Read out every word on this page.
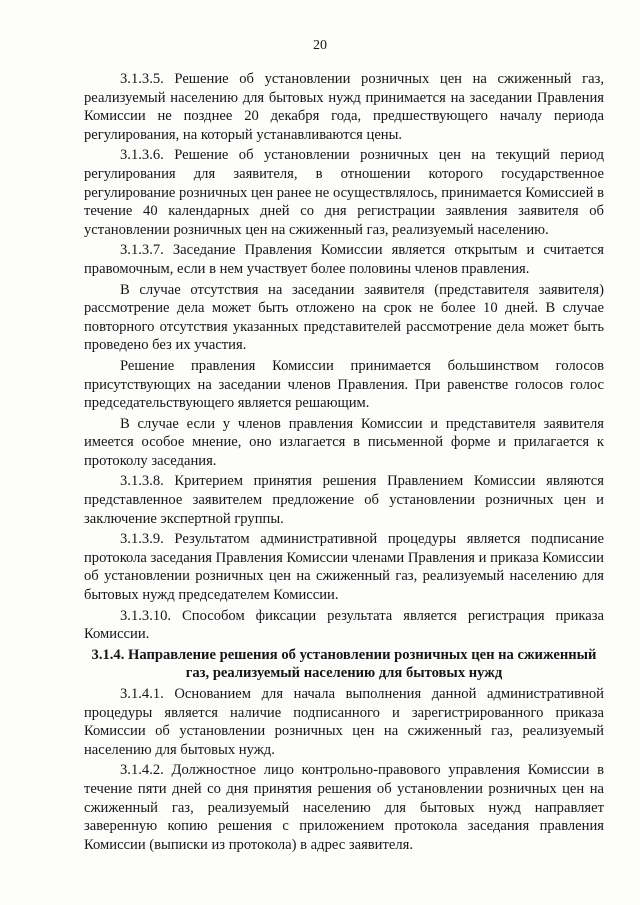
20

3.1.3.5. Решение об установлении розничных цен на сжиженный газ, реализуемый населению для бытовых нужд принимается на заседании Правления Комиссии не позднее 20 декабря года, предшествующего началу периода регулирования, на который устанавливаются цены.

3.1.3.6. Решение об установлении розничных цен на текущий период регулирования для заявителя, в отношении которого государственное регулирование розничных цен ранее не осуществлялось, принимается Комиссией в течение 40 календарных дней со дня регистрации заявления заявителя об установлении розничных цен на сжиженный газ, реализуемый населению.

3.1.3.7. Заседание Правления Комиссии является открытым и считается правомочным, если в нем участвует более половины членов правления.

В случае отсутствия на заседании заявителя (представителя заявителя) рассмотрение дела может быть отложено на срок не более 10 дней. В случае повторного отсутствия указанных представителей рассмотрение дела может быть проведено без их участия.

Решение правления Комиссии принимается большинством голосов присутствующих на заседании членов Правления. При равенстве голосов голос председательствующего является решающим.

В случае если у членов правления Комиссии и представителя заявителя имеется особое мнение, оно излагается в письменной форме и прилагается к протоколу заседания.

3.1.3.8. Критерием принятия решения Правлением Комиссии являются представленное заявителем предложение об установлении розничных цен и заключение экспертной группы.

3.1.3.9. Результатом административной процедуры является подписание протокола заседания Правления Комиссии членами Правления и приказа Комиссии об установлении розничных цен на сжиженный газ, реализуемый населению для бытовых нужд председателем Комиссии.

3.1.3.10. Способом фиксации результата является регистрация приказа Комиссии.

3.1.4. Направление решения об установлении розничных цен на сжиженный газ, реализуемый населению для бытовых нужд

3.1.4.1. Основанием для начала выполнения данной административной процедуры является наличие подписанного и зарегистрированного приказа Комиссии об установлении розничных цен на сжиженный газ, реализуемый населению для бытовых нужд.

3.1.4.2. Должностное лицо контрольно-правового управления Комиссии в течение пяти дней со дня принятия решения об установлении розничных цен на сжиженный газ, реализуемый населению для бытовых нужд направляет заверенную копию решения с приложением протокола заседания правления Комиссии (выписки из протокола) в адрес заявителя.
